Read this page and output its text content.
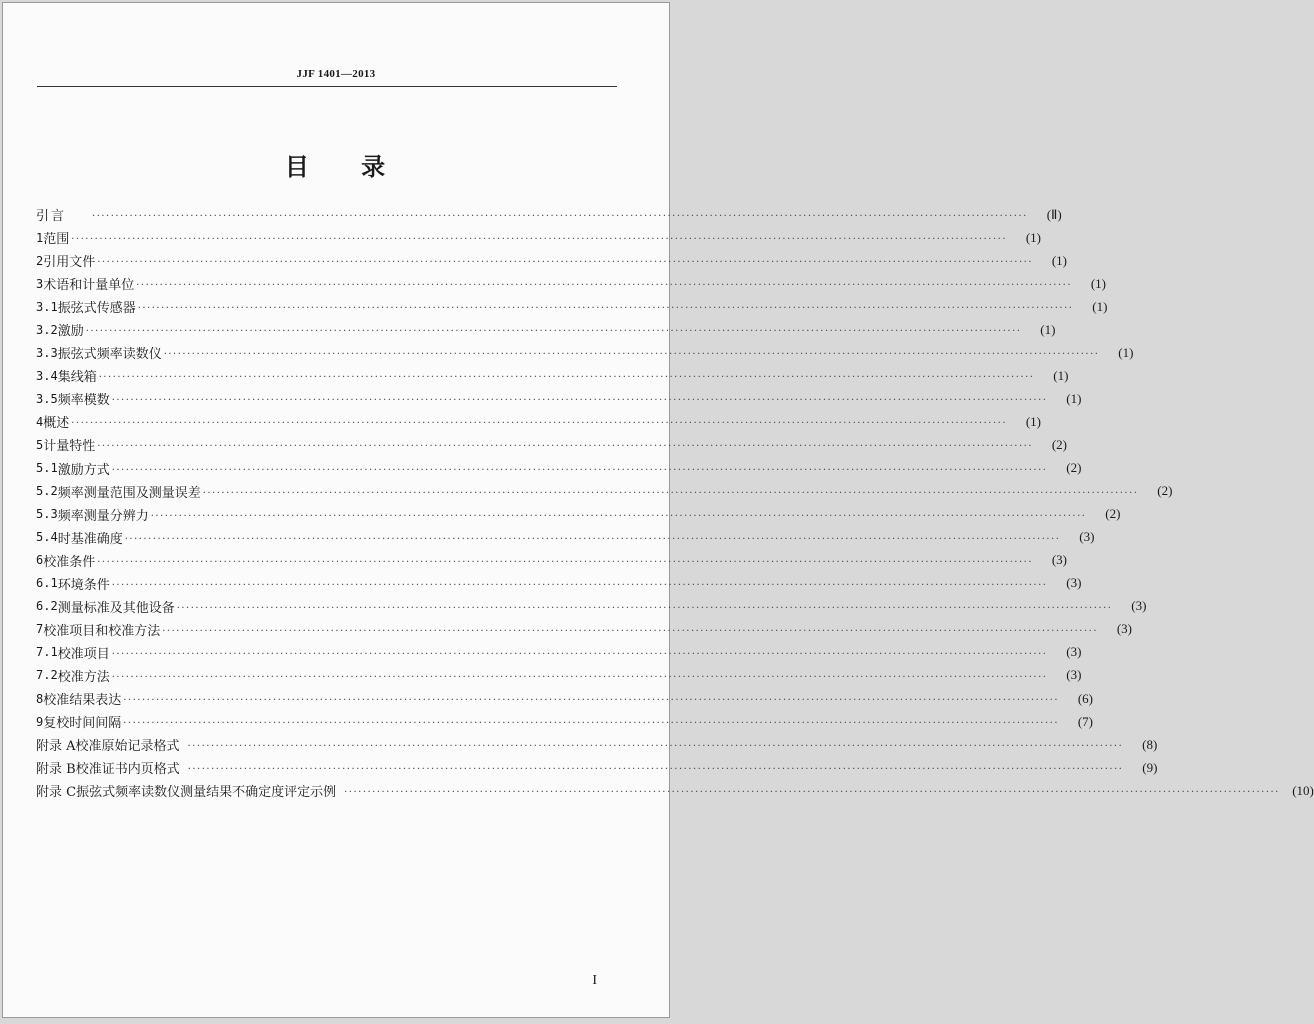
JJF 1401—2013
目 录
引言	········································································································································································································	(Ⅱ)
1 范围 ········································································································································································································	(1)
2 引用文件 ········································································································································································································	(1)
3 术语和计量单位 ········································································································································································································	(1)
3.1 振弦式传感器 ········································································································································································································	(1)
3.2 激励 ········································································································································································································	(1)
3.3 振弦式频率读数仪 ········································································································································································································	(1)
3.4 集线箱 ········································································································································································································	(1)
3.5 频率模数 ········································································································································································································	(1)
4 概述 ········································································································································································································	(1)
5 计量特性 ········································································································································································································	(2)
5.1 激励方式 ········································································································································································································	(2)
5.2 频率测量范围及测量误差 ········································································································································································································	(2)
5.3 频率测量分辨力 ········································································································································································································	(2)
5.4 时基准确度 ········································································································································································································	(3)
6 校准条件 ········································································································································································································	(3)
6.1 环境条件 ········································································································································································································	(3)
6.2 测量标准及其他设备 ········································································································································································································	(3)
7 校准项目和校准方法 ········································································································································································································	(3)
7.1 校准项目 ········································································································································································································	(3)
7.2 校准方法 ········································································································································································································	(3)
8 校准结果表达 ········································································································································································································	(6)
9 复校时间间隔 ········································································································································································································	(7)
附录 A 校准原始记录格式 ········································································································································································································	(8)
附录 B 校准证书内页格式 ········································································································································································································	(9)
附录 C 振弦式频率读数仪测量结果不确定度评定示例 ········································································································································································································ (10)
I
